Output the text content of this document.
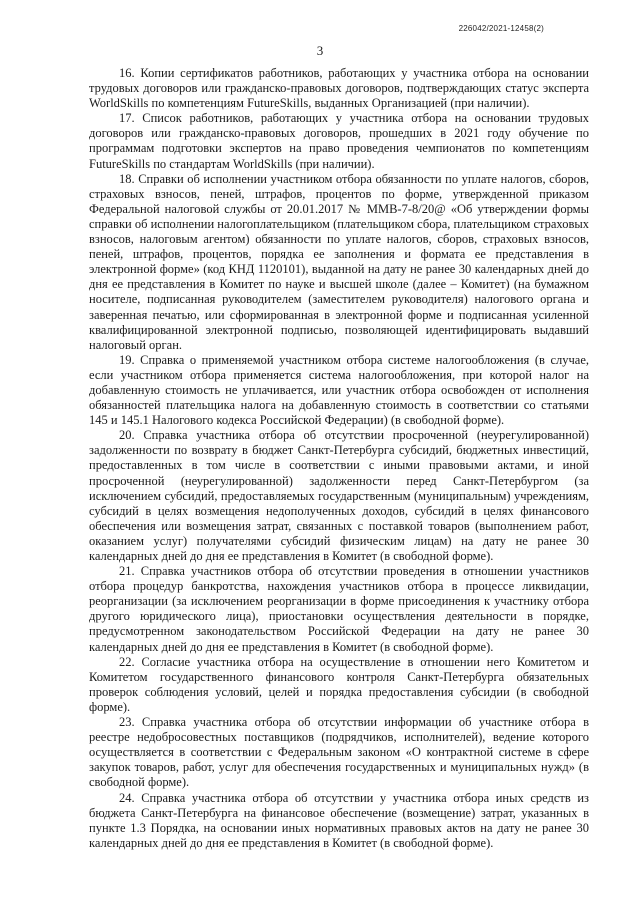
226042/2021-12458(2)
3

16. Копии сертификатов работников, работающих у участника отбора на основании трудовых договоров или гражданско-правовых договоров, подтверждающих статус эксперта WorldSkills по компетенциям FutureSkills, выданных Организацией (при наличии).

17. Список работников, работающих у участника отбора на основании трудовых договоров или гражданско-правовых договоров, прошедших в 2021 году обучение по программам подготовки экспертов на право проведения чемпионатов по компетенциям FutureSkills по стандартам WorldSkills (при наличии).

18. Справки об исполнении участником отбора обязанности по уплате налогов, сборов, страховых взносов, пеней, штрафов, процентов по форме, утвержденной приказом Федеральной налоговой службы от 20.01.2017 № ММВ-7-8/20@ «Об утверждении формы справки об исполнении налогоплательщиком (плательщиком сбора, плательщиком страховых взносов, налоговым агентом) обязанности по уплате налогов, сборов, страховых взносов, пеней, штрафов, процентов, порядка ее заполнения и формата ее представления в электронной форме» (код КНД 1120101), выданной на дату не ранее 30 календарных дней до дня ее представления в Комитет по науке и высшей школе (далее – Комитет) (на бумажном носителе, подписанная руководителем (заместителем руководителя) налогового органа и заверенная печатью, или сформированная в электронной форме и подписанная усиленной квалифицированной электронной подписью, позволяющей идентифицировать выдавший налоговый орган.

19. Справка о применяемой участником отбора системе налогообложения (в случае, если участником отбора применяется система налогообложения, при которой налог на добавленную стоимость не уплачивается, или участник отбора освобожден от исполнения обязанностей плательщика налога на добавленную стоимость в соответствии со статьями 145 и 145.1 Налогового кодекса Российской Федерации) (в свободной форме).

20. Справка участника отбора об отсутствии просроченной (неурегулированной) задолженности по возврату в бюджет Санкт-Петербурга субсидий, бюджетных инвестиций, предоставленных в том числе в соответствии с иными правовыми актами, и иной просроченной (неурегулированной) задолженности перед Санкт-Петербургом (за исключением субсидий, предоставляемых государственным (муниципальным) учреждениям, субсидий в целях возмещения недополученных доходов, субсидий в целях финансового обеспечения или возмещения затрат, связанных с поставкой товаров (выполнением работ, оказанием услуг) получателями субсидий физическим лицам) на дату не ранее 30 календарных дней до дня ее представления в Комитет (в свободной форме).

21. Справка участников отбора об отсутствии проведения в отношении участников отбора процедур банкротства, нахождения участников отбора в процессе ликвидации, реорганизации (за исключением реорганизации в форме присоединения к участнику отбора другого юридического лица), приостановки осуществления деятельности в порядке, предусмотренном законодательством Российской Федерации на дату не ранее 30 календарных дней до дня ее представления в Комитет (в свободной форме).

22. Согласие участника отбора на осуществление в отношении него Комитетом и Комитетом государственного финансового контроля Санкт-Петербурга обязательных проверок соблюдения условий, целей и порядка предоставления субсидии (в свободной форме).

23. Справка участника отбора об отсутствии информации об участнике отбора в реестре недобросовестных поставщиков (подрядчиков, исполнителей), ведение которого осуществляется в соответствии с Федеральным законом «О контрактной системе в сфере закупок товаров, работ, услуг для обеспечения государственных и муниципальных нужд» (в свободной форме).

24. Справка участника отбора об отсутствии у участника отбора иных средств из бюджета Санкт-Петербурга на финансовое обеспечение (возмещение) затрат, указанных в пункте 1.3 Порядка, на основании иных нормативных правовых актов на дату не ранее 30 календарных дней до дня ее представления в Комитет (в свободной форме).
